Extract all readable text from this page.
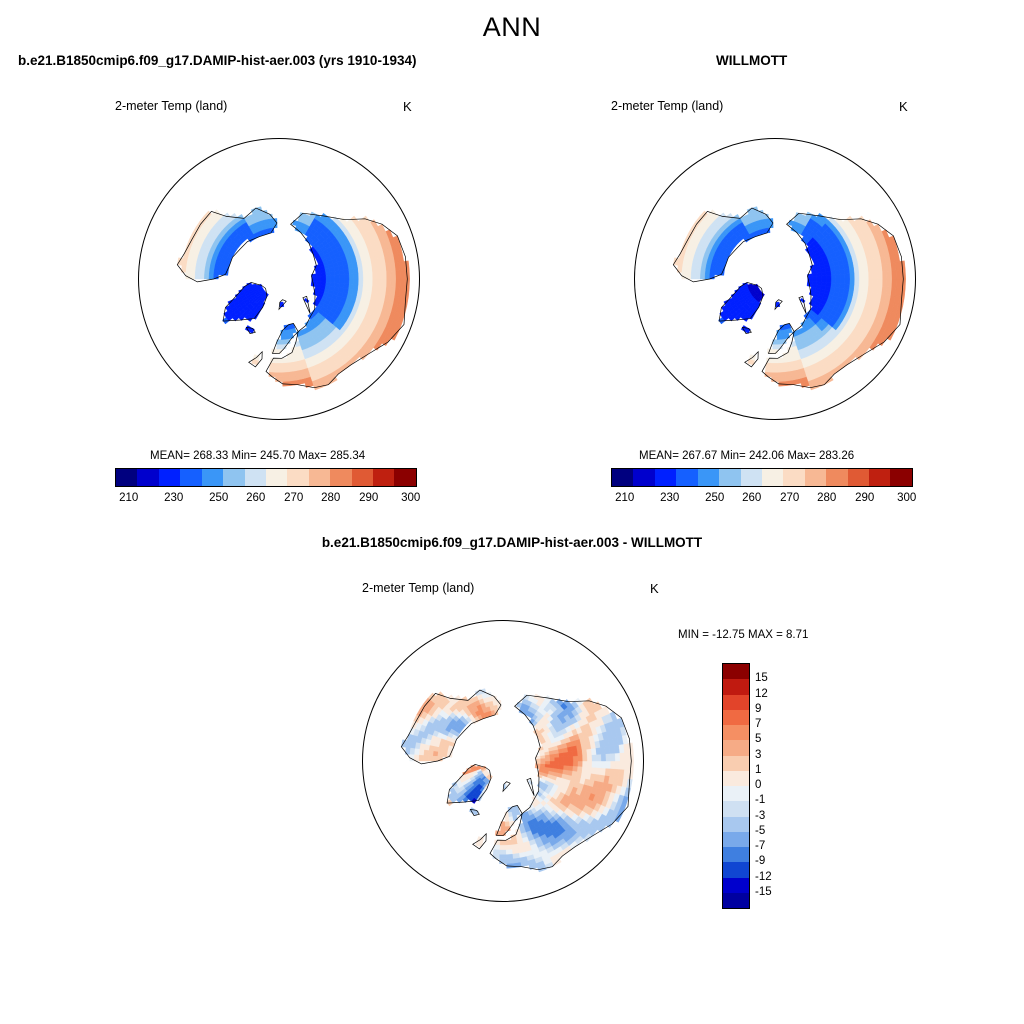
ANN
b.e21.B1850cmip6.f09_g17.DAMIP-hist-aer.003 (yrs 1910-1934)
2-meter Temp (land)	K
MEAN= 268.33 Min= 245.70 Max= 285.34
210 230 250 260 270 280 290 300
WILLMOTT
2-meter Temp (land)	K
MEAN= 267.67 Min= 242.06 Max= 283.26
210 230 250 260 270 280 290 300
b.e21.B1850cmip6.f09_g17.DAMIP-hist-aer.003 - WILLMOTT
2-meter Temp (land)	K
MIN = -12.75 MAX = 8.71
15
12
9
7
5
3
1
0
-1
-3
-5
-7
-9
-12
-15
